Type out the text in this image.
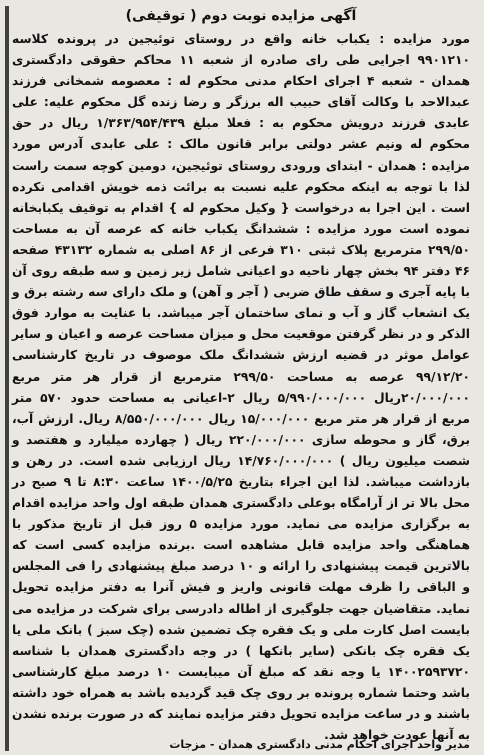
آگهی مزایده نوبت دوم ( توقیفی)
مورد مزایده : یکباب خانه واقع در روستای توئیجین در پرونده کلاسه ۹۹۰۱۲۱۰ اجرایی طی رای صادره از شعبه ۱۱ محاکم حقوقی دادگستری همدان - شعبه ۴ اجرای احکام مدنی محکوم له : معصومه شمخانی فرزند عبدالاحد با وکالت آقای حبیب اله برزگر و رضا زنده گل محکوم علیه: علی عابدی فرزند درویش محکوم به : فعلا مبلغ ۱/۳۶۳/۹۵۴/۴۳۹ ریال در حق محکوم له ونیم عشر دولتی برابر قانون مالک : علی عابدی آدرس مورد مزایده : همدان - ابتدای ورودی روستای توئیجین، دومین کوچه سمت راست لذا با توجه به اینکه محکوم علیه نسبت به برائت ذمه خویش اقدامی نکرده است . این اجرا به درخواست { وکیل محکوم له } اقدام به توقیف یکبابخانه نموده است مورد مزایده : ششدانگ یکباب خانه که عرصه آن به مساحت ۲۹۹/۵۰ مترمربع پلاک ثبتی ۳۱۰ فرعی از ۸۶ اصلی به شماره ۴۳۱۳۲ صفحه ۴۶ دفتر ۹۴ بخش چهار ناحیه دو اعیانی شامل زیر زمین و سه طبقه روی آن با پایه آجری و سقف طاق ضربی ( آجر و آهن) و ملک دارای سه رشته برق و یک انشعاب گاز و آب و نمای ساختمان آجر میباشد. با عنایت به موارد فوق الذکر و در نظر گرفتن موقعیت محل و میزان مساحت عرصه و اعیان و سایر عوامل موثر در قضیه ارزش ششدانگ ملک موصوف در تاریخ کارشناسی ۹۹/۱۲/۲۰ عرصه به مساحت ۲۹۹/۵۰ مترمربع از قرار هر متر مربع ۲۰/۰۰۰/۰۰۰ریال ۵/۹۹۰/۰۰۰/۰۰۰ ریال ۲-اعیانی به مساحت حدود ۵۷۰ متر مربع از قرار هر متر مربع ۱۵/۰۰۰/۰۰۰ ریال ۸/۵۵۰/۰۰۰/۰۰۰ ریال. ارزش آب، برق، گاز و محوطه سازی ۲۲۰/۰۰۰/۰۰۰ ریال ( چهارده میلیارد و هفتصد و شصت میلیون ریال ) ۱۴/۷۶۰/۰۰۰/۰۰۰ ریال ارزیابی شده است. در رهن و بازداشت میباشد. لذا این اجراء بتاریخ ۱۴۰۰/۵/۲۵ ساعت ۸:۳۰ تا ۹ صبح در محل بالا تر از آرامگاه بوعلی دادگستری همدان طبقه اول واحد مزایده اقدام به برگزاری مزایده می نماید. مورد مزایده ۵ روز قبل از تاریخ مذکور با هماهنگی واحد مزایده قابل مشاهده است .برنده مزایده کسی است که بالاترین قیمت پیشنهادی را ارائه و ۱۰ درصد مبلغ پیشنهادی را فی المجلس و الباقی را ظرف مهلت قانونی واریز و فیش آنرا به دفتر مزایده تحویل نماید. متقاضیان جهت جلوگیری از اطاله دادرسی برای شرکت در مزایده می بایست اصل کارت ملی و یک فقره چک تضمین شده (چک سبز ) بانک ملی یا یک فقره چک بانکی (سایر بانکها ) در وجه دادگستری همدان با شناسه ۱۴۰۰۲۵۹۳۷۲۰ یا وجه نقد که مبلغ آن میبایست ۱۰ درصد مبلغ کارشناسی باشد وحتما شماره پرونده بر روی چک قید گردیده باشد به همراه خود داشته باشند و در ساعت مزایده تحویل دفتر مزایده نمایند که در صورت برنده نشدن به آنها عودت خواهد شد.
مدیر واحد اجرای احکام مدنی دادگستری همدان - مزجات
